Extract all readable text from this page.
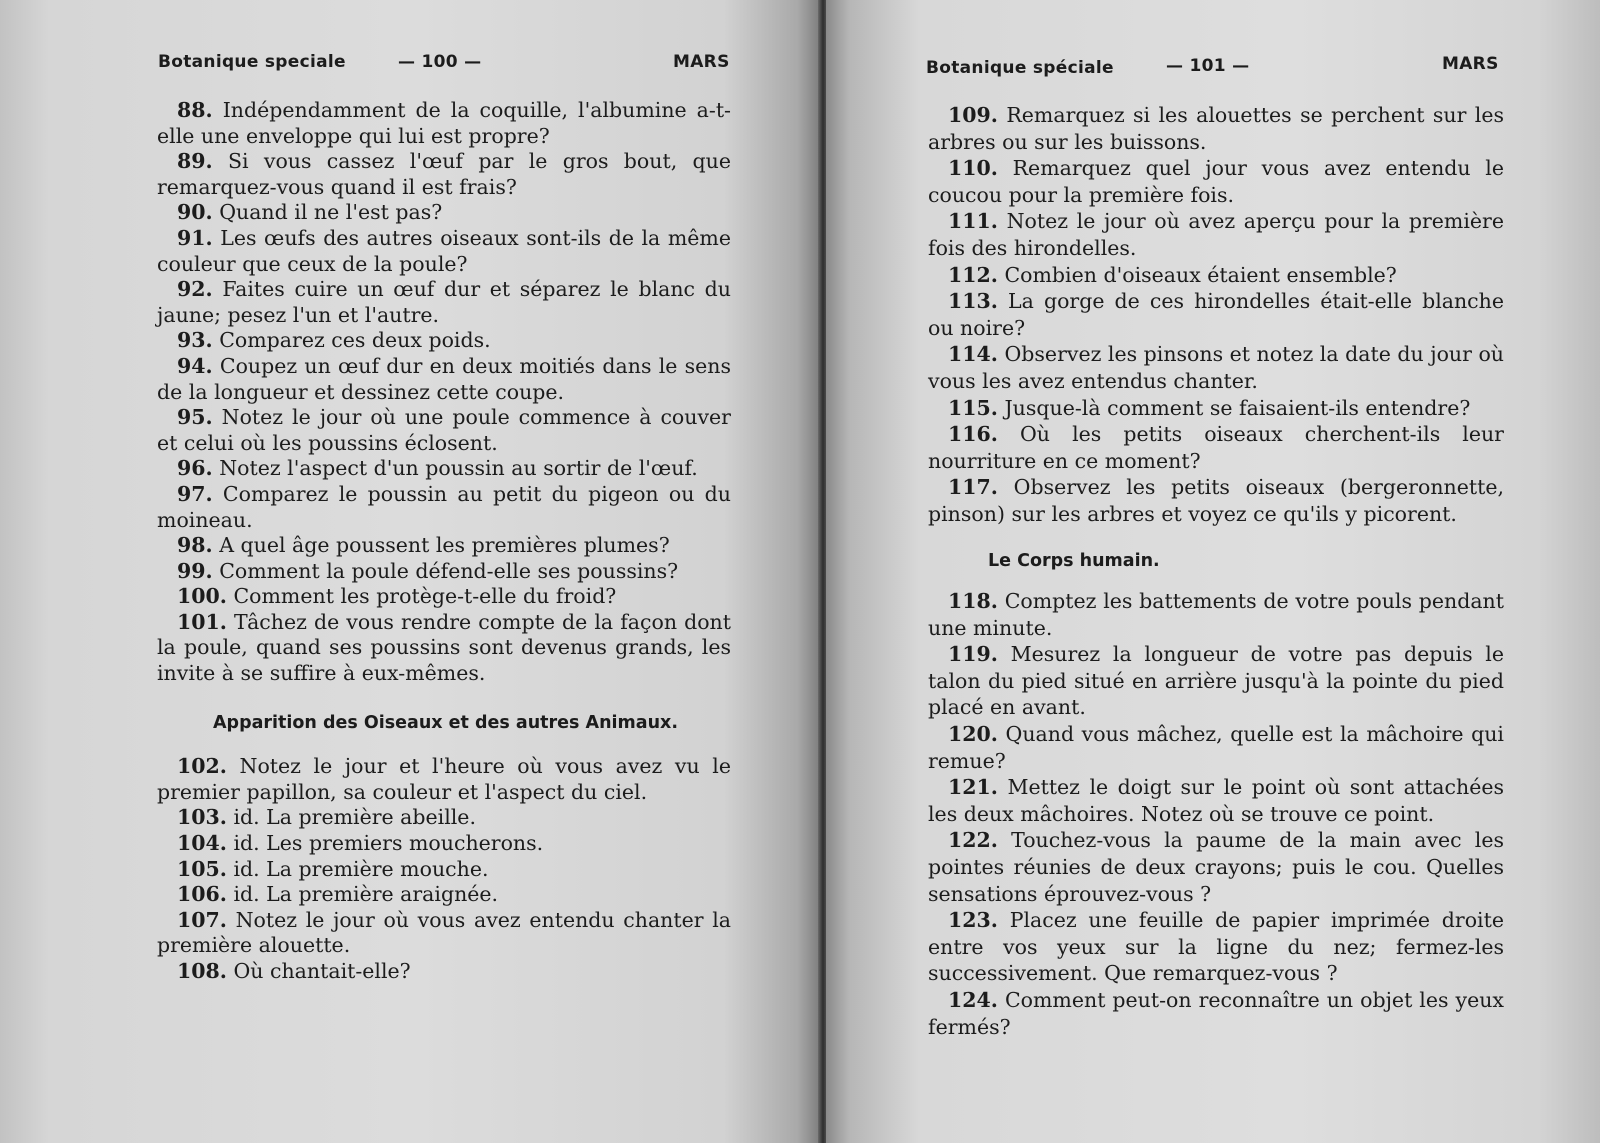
Botanique speciale	— 100 —	MARS

88. Indépendamment de la coquille, l'albumine a-t-elle une enveloppe qui lui est propre?

89. Si vous cassez l'œuf par le gros bout, que remarquez-vous quand il est frais?

90. Quand il ne l'est pas?

91. Les œufs des autres oiseaux sont-ils de la même couleur que ceux de la poule?

92. Faites cuire un œuf dur et séparez le blanc du jaune; pesez l'un et l'autre.

93. Comparez ces deux poids.

94. Coupez un œuf dur en deux moitiés dans le sens de la longueur et dessinez cette coupe.

95. Notez le jour où une poule commence à couver et celui où les poussins éclosent.

96. Notez l'aspect d'un poussin au sortir de l'œuf.

97. Comparez le poussin au petit du pigeon ou du moineau.

98. A quel âge poussent les premières plumes?

99. Comment la poule défend-elle ses poussins?

100. Comment les protège-t-elle du froid?

101. Tâchez de vous rendre compte de la façon dont la poule, quand ses poussins sont devenus grands, les invite à se suffire à eux-mêmes.

Apparition des Oiseaux et des autres Animaux.

102. Notez le jour et l'heure où vous avez vu le premier papillon, sa couleur et l'aspect du ciel.

103. id. La première abeille.

104. id. Les premiers moucherons.

105. id. La première mouche.

106. id. La première araignée.

107. Notez le jour où vous avez entendu chanter la première alouette.

108. Où chantait-elle?

Botanique spéciale	— 101 —	MARS

109. Remarquez si les alouettes se perchent sur les arbres ou sur les buissons.

110. Remarquez quel jour vous avez entendu le coucou pour la première fois.

111. Notez le jour où avez aperçu pour la première fois des hirondelles.

112. Combien d'oiseaux étaient ensemble?

113. La gorge de ces hirondelles était-elle blanche ou noire?

114. Observez les pinsons et notez la date du jour où vous les avez entendus chanter.

115. Jusque-là comment se faisaient-ils entendre?

116. Où les petits oiseaux cherchent-ils leur nourriture en ce moment?

117. Observez les petits oiseaux (bergeronnette, pinson) sur les arbres et voyez ce qu'ils y picorent.

Le Corps humain.

118. Comptez les battements de votre pouls pendant une minute.

119. Mesurez la longueur de votre pas depuis le talon du pied situé en arrière jusqu'à la pointe du pied placé en avant.

120. Quand vous mâchez, quelle est la mâchoire qui remue?

121. Mettez le doigt sur le point où sont attachées les deux mâchoires. Notez où se trouve ce point.

122. Touchez-vous la paume de la main avec les pointes réunies de deux crayons; puis le cou. Quelles sensations éprouvez-vous ?

123. Placez une feuille de papier imprimée droite entre vos yeux sur la ligne du nez; fermez-les successivement. Que remarquez-vous ?

124. Comment peut-on reconnaître un objet les yeux fermés?
